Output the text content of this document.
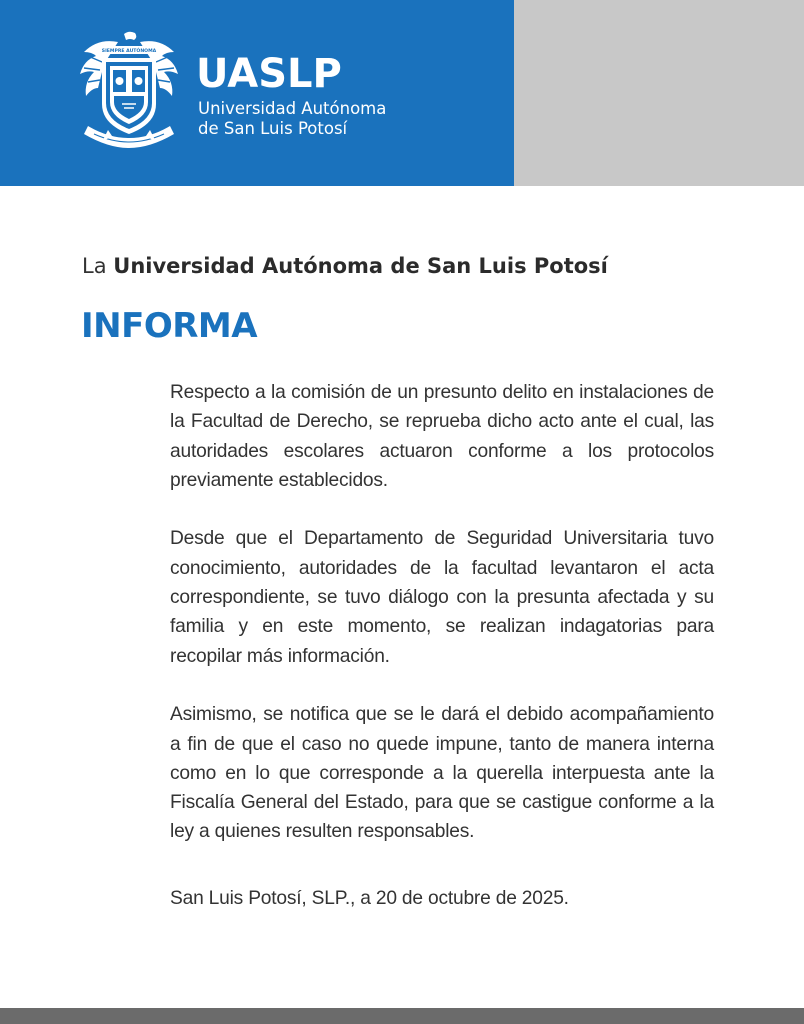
SIEMPRE AUTÓNOMA UASLP
Universidad Autónoma
de San Luis Potosí
La Universidad Autónoma de San Luis Potosí
INFORMA

Respecto a la comisión de un presunto delito en instalaciones de la Facultad de Derecho, se reprueba dicho acto ante el cual, las autoridades escolares actuaron conforme a los protocolos previamente establecidos.

Desde que el Departamento de Seguridad Universitaria tuvo conocimiento, autoridades de la facultad levantaron el acta correspondiente, se tuvo diálogo con la presunta afectada y su familia y en este momento, se realizan indagatorias para recopilar más información.

Asimismo, se notifica que se le dará el debido acompañamiento a fin de que el caso no quede impune, tanto de manera interna como en lo que corresponde a la querella interpuesta ante la Fiscalía General del Estado, para que se castigue conforme a la ley a quienes resulten responsables.

San Luis Potosí, SLP., a 20 de octubre de 2025.
